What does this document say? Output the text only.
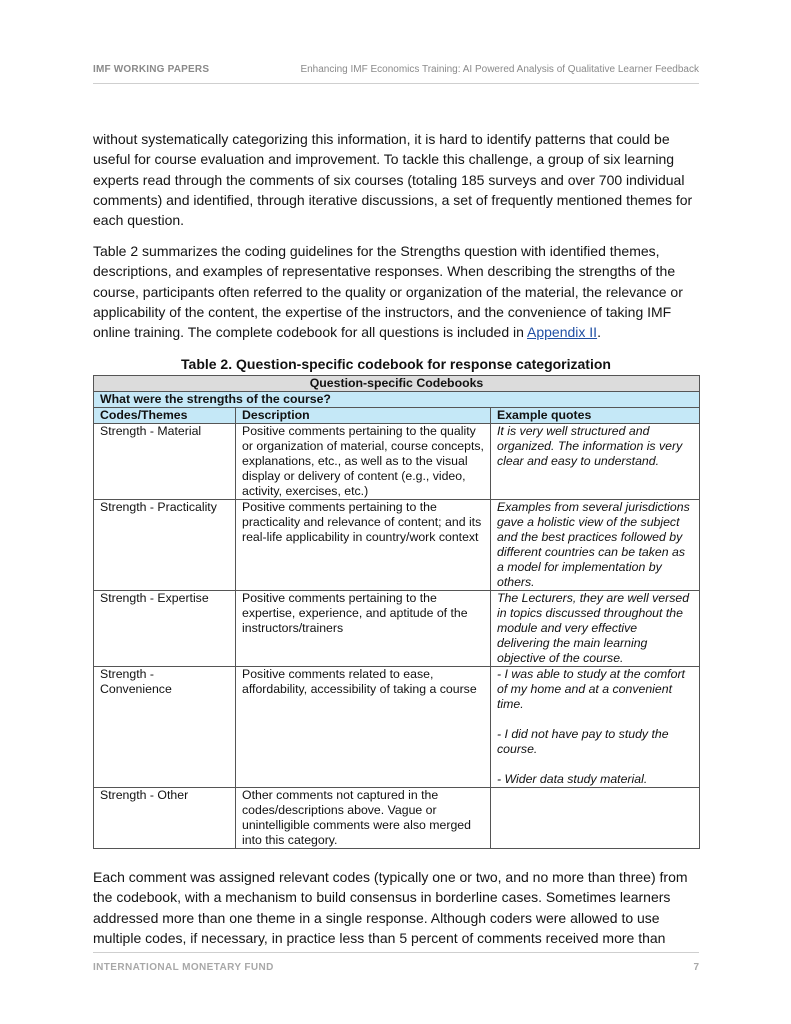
IMF WORKING PAPERS	Enhancing IMF Economics Training: AI Powered Analysis of Qualitative Learner Feedback

without systematically categorizing this information, it is hard to identify patterns that could be useful for course evaluation and improvement. To tackle this challenge, a group of six learning experts read through the comments of six courses (totaling 185 surveys and over 700 individual comments) and identified, through iterative discussions, a set of frequently mentioned themes for each question.

Table 2 summarizes the coding guidelines for the Strengths question with identified themes, descriptions, and examples of representative responses. When describing the strengths of the course, participants often referred to the quality or organization of the material, the relevance or applicability of the content, the expertise of the instructors, and the convenience of taking IMF online training. The complete codebook for all questions is included in Appendix II.

Table 2. Question-specific codebook for response categorization
Question-specific Codebooks		
What were the strengths of the course?		
Codes/Themes	Description	Example quotes
Strength - Material	Positive comments pertaining to the quality or organization of material, course concepts, explanations, etc., as well as to the visual display or delivery of content (e.g., video, activity, exercises, etc.)	It is very well structured and organized. The information is very clear and easy to understand.
Strength - Practicality	Positive comments pertaining to the practicality and relevance of content; and its real-life applicability in country/work context	Examples from several jurisdictions gave a holistic view of the subject and the best practices followed by different countries can be taken as a model for implementation by others.
Strength - Expertise	Positive comments pertaining to the expertise, experience, and aptitude of the instructors/trainers	The Lecturers, they are well versed in topics discussed throughout the module and very effective delivering the main learning objective of the course.

Strength - Convenience	Positive comments related to ease, affordability, accessibility of taking a course	- I was able to study at the comfort of my home and at a convenient time.
- I did not have pay to study the course.
- Wider data study material.

Strength - Other	Other comments not captured in the codes/descriptions above. Vague or unintelligible comments were also merged into this category.	

Each comment was assigned relevant codes (typically one or two, and no more than three) from the codebook, with a mechanism to build consensus in borderline cases. Sometimes learners addressed more than one theme in a single response. Although coders were allowed to use multiple codes, if necessary, in practice less than 5 percent of comments received more than

INTERNATIONAL MONETARY FUND	7
